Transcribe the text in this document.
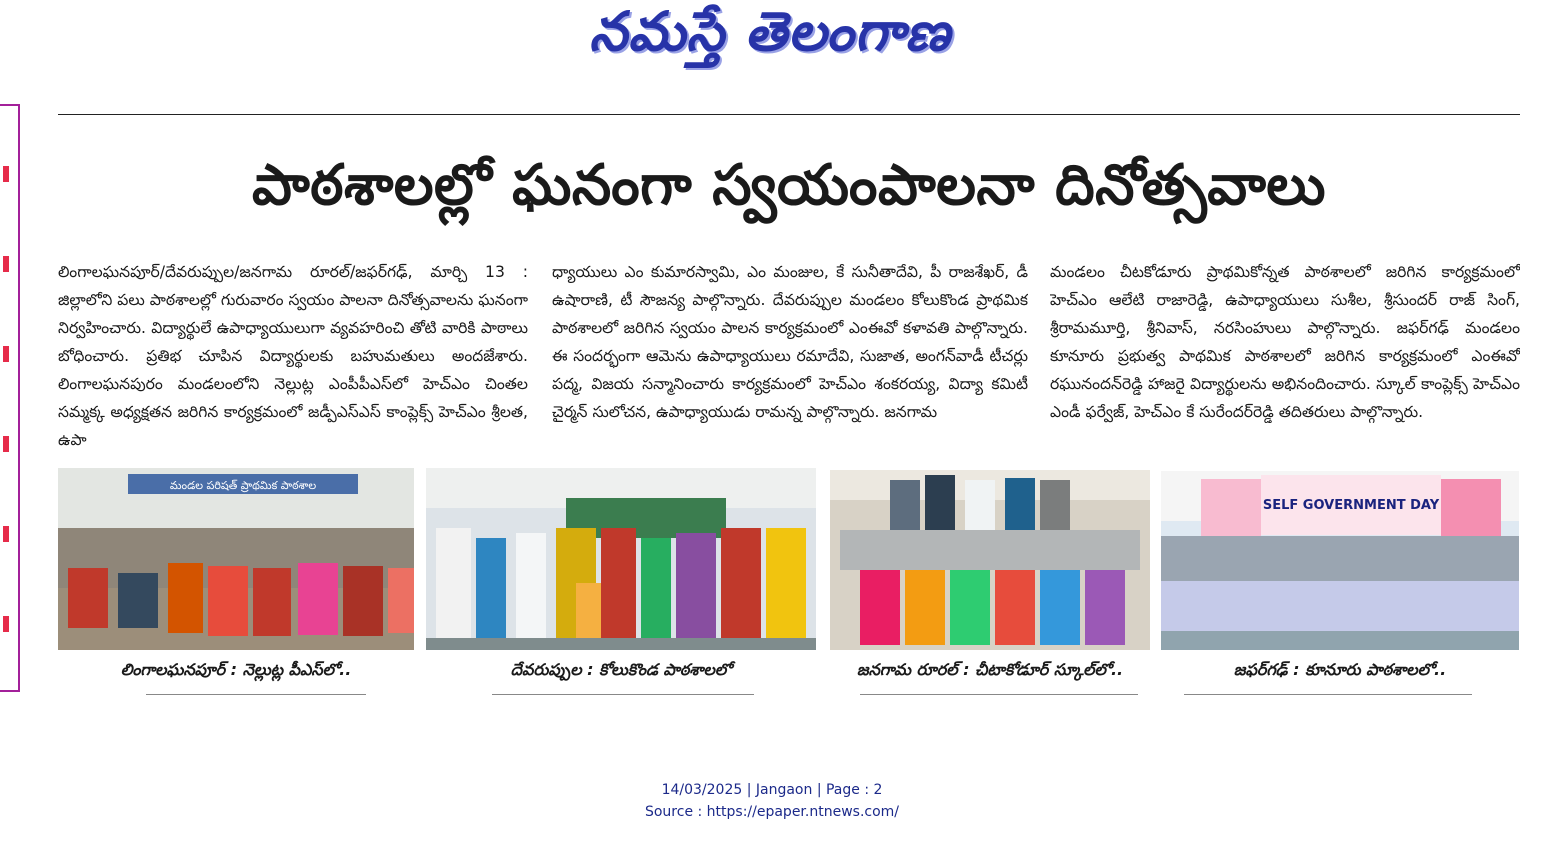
నమస్తే తెలంగాణ
పాఠశాలల్లో ఘనంగా స్వయంపాలనా దినోత్సవాలు
లింగాలఘనపూర్/దేవరుప్పుల/జనగామ రూరల్/జఫర్‌గఢ్, మార్చి 13 : జిల్లాలోని పలు పాఠశాలల్లో గురువారం స్వయం పాలనా దినోత్సవాలను ఘనంగా నిర్వహించారు. విద్యార్థులే ఉపాధ్యాయులుగా వ్యవహరించి తోటి వారికి పాఠాలు బోధించారు. ప్రతిభ చూపిన విద్యార్థులకు బహుమతులు అందజేశారు. లింగాలఘనపురం మండలంలోని నెల్లుట్ల ఎంపీపీఎస్‌లో హెచ్ఎం చింతల సమ్మక్క అధ్యక్షతన జరిగిన కార్యక్రమంలో జడ్పీఎస్ఎస్ కాంప్లెక్స్ హెచ్ఎం శ్రీలత, ఉపా
ధ్యాయులు ఎం కుమారస్వామి, ఎం మంజుల, కే సునీతాదేవి, పీ రాజశేఖర్, డీ ఉషారాణి, టీ సౌజన్య పాల్గొన్నారు. దేవరుప్పుల మండలం కోలుకొండ ప్రాథమిక పాఠశాలలో జరిగిన స్వయం పాలన కార్యక్రమంలో ఎంఈవో కళావతి పాల్గొన్నారు. ఈ సందర్భంగా ఆమెను ఉపాధ్యాయులు రమాదేవి, సుజాత, అంగన్‌వాడీ టీచర్లు పద్మ, విజయ సన్మానించారు కార్యక్రమంలో హెచ్ఎం శంకరయ్య, విద్యా కమిటీ చైర్మన్ సులోచన, ఉపాధ్యాయుడు రామన్న పాల్గొన్నారు. జనగామ
మండలం చీటకోడూరు ప్రాథమికోన్నత పాఠశాలలో జరిగిన కార్యక్రమంలో హెచ్ఎం ఆలేటి రాజారెడ్డి, ఉపాధ్యాయులు సుశీల, శ్రీసుందర్ రాజ్ సింగ్, శ్రీరామమూర్తి, శ్రీనివాస్, నరసింహులు పాల్గొన్నారు. జఫర్‌గఢ్ మండలం కూనూరు ప్రభుత్వ పాథమిక పాఠశాలలో జరిగిన కార్యక్రమంలో ఎంఈవో రఘునందన్‌రెడ్డి హాజరై విద్యార్థులను అభినందించారు. స్కూల్ కాంప్లెక్స్ హెచ్ఎం ఎండీ ఫర్వేజ్, హెచ్ఎం కే సురేందర్‌రెడ్డి తదితరులు పాల్గొన్నారు.
మండల పరిషత్ ప్రాథమిక పాఠశాల
లింగాలఘనపూర్ : నెల్లుట్ల పీఎస్‌లో..	దేవరుప్పుల : కోలుకొండ పాఠశాలలో	జనగామ రూరల్ : చీటాకోడూర్ స్కూల్‌లో..
SELF GOVERNMENT DAY
జఫర్‌గఢ్ : కూనూరు పాఠశాలలో..
14/03/2025 | Jangaon | Page : 2
Source : https://epaper.ntnews.com/
